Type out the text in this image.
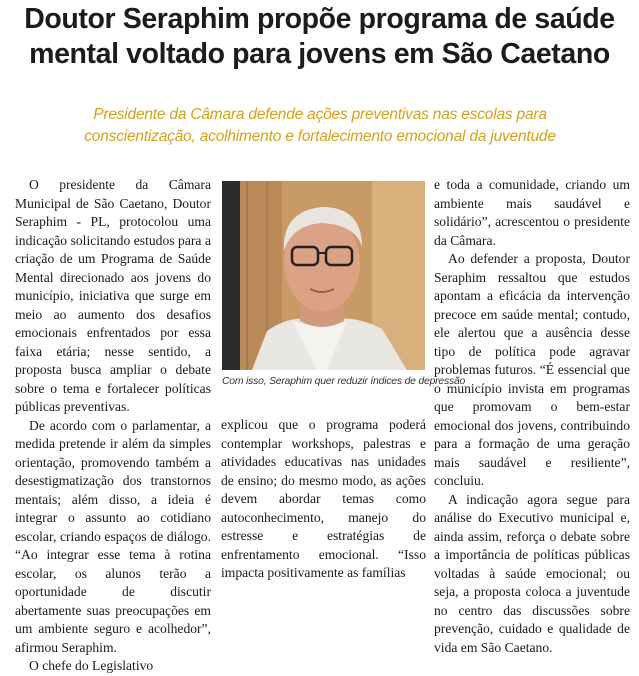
Doutor Seraphim propõe programa de saúde
mental voltado para jovens em São Caetano
Presidente da Câmara defende ações preventivas nas escolas para
conscientização, acolhimento e fortalecimento emocional da juventude

O presidente da Câmara Municipal de São Caetano, Doutor Seraphim - PL, protocolou uma indicação solicitando estudos para a criação de um Programa de Saúde Mental direcionado aos jovens do município, iniciativa que surge em meio ao aumento dos desafios emocionais enfrentados por essa faixa etária; nesse sentido, a proposta busca ampliar o debate sobre o tema e fortalecer políticas públicas preventivas.

De acordo com o parlamentar, a medida pretende ir além da simples orientação, promovendo também a desestigmatização dos transtornos mentais; além disso, a ideia é integrar o assunto ao cotidiano escolar, criando espaços de diálogo. “Ao integrar esse tema à rotina escolar, os alunos terão a oportunidade de discutir abertamente suas preocupações em um ambiente seguro e acolhedor”, afirmou Seraphim.

O chefe do Legislativo

Com isso, Seraphim quer reduzir índices de depressão

explicou que o programa poderá contemplar workshops, palestras e atividades educativas nas unidades de ensino; do mesmo modo, as ações devem abordar temas como autoconhecimento, manejo do estresse e estratégias de enfrentamento emocional. “Isso impacta positivamente as famílias

e toda a comunidade, criando um ambiente mais saudável e solidário”, acrescentou o presidente da Câmara.

Ao defender a proposta, Doutor Seraphim ressaltou que estudos apontam a eficácia da intervenção precoce em saúde mental; contudo, ele alertou que a ausência desse tipo de política pode agravar problemas futuros. “É essencial que o município invista em programas que promovam o bem-estar emocional dos jovens, contribuindo para a formação de uma geração mais saudável e resiliente”, concluiu.

A indicação agora segue para análise do Executivo municipal e, ainda assim, reforça o debate sobre a importância de políticas públicas voltadas à saúde emocional; ou seja, a proposta coloca a juventude no centro das discussões sobre prevenção, cuidado e qualidade de vida em São Caetano.
